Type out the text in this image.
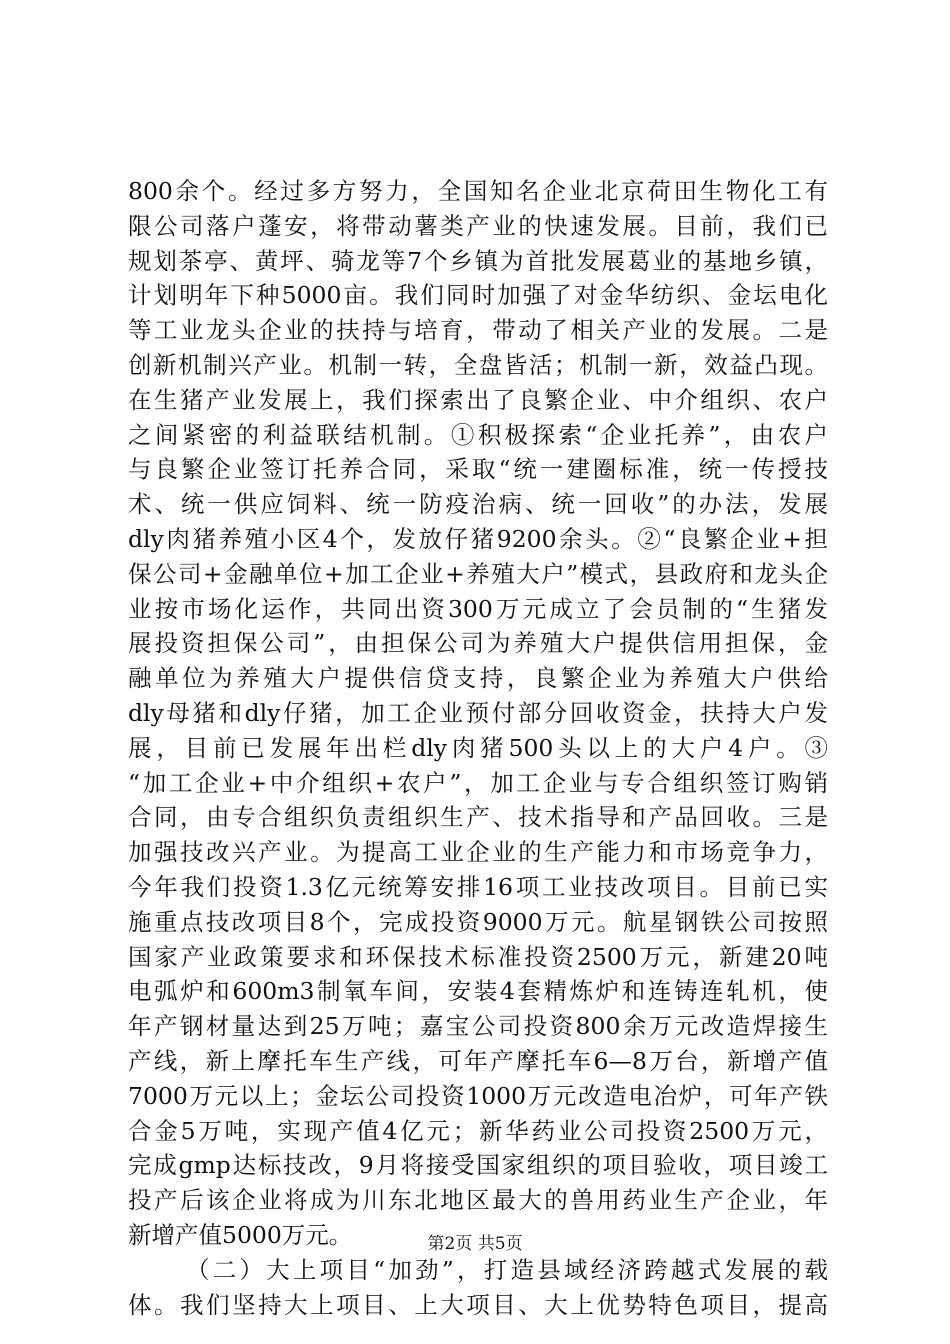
800余个。经过多方努力，全国知名企业北京荷田生物化工有
限公司落户蓬安，将带动薯类产业的快速发展。目前，我们已
规划茶亭、黄坪、骑龙等7个乡镇为首批发展葛业的基地乡镇，
计划明年下种5000亩。我们同时加强了对金华纺织、金坛电化
等工业龙头企业的扶持与培育，带动了相关产业的发展。二是
创新机制兴产业。机制一转，全盘皆活；机制一新，效益凸现。
在生猪产业发展上，我们探索出了良繁企业、中介组织、农户
之间紧密的利益联结机制。①积极探索“企业托养”，由农户
与良繁企业签订托养合同，采取“统一建圈标准，统一传授技
术、统一供应饲料、统一防疫治病、统一回收”的办法，发展
dly肉猪养殖小区4个，发放仔猪9200余头。②“良繁企业+担
保公司+金融单位+加工企业+养殖大户”模式，县政府和龙头企
业按市场化运作，共同出资300万元成立了会员制的“生猪发
展投资担保公司”，由担保公司为养殖大户提供信用担保，金
融单位为养殖大户提供信贷支持，良繁企业为养殖大户供给
dly母猪和dly仔猪，加工企业预付部分回收资金，扶持大户发
展，目前已发展年出栏dly肉猪500头以上的大户4户。③
“加工企业+中介组织+农户”，加工企业与专合组织签订购销
合同，由专合组织负责组织生产、技术指导和产品回收。三是
加强技改兴产业。为提高工业企业的生产能力和市场竞争力，
今年我们投资1.3亿元统筹安排16项工业技改项目。目前已实
施重点技改项目8个，完成投资9000万元。航星钢铁公司按照
国家产业政策要求和环保技术标准投资2500万元，新建20吨
电弧炉和600m3制氧车间，安装4套精炼炉和连铸连轧机，使
年产钢材量达到25万吨；嘉宝公司投资800余万元改造焊接生
产线，新上摩托车生产线，可年产摩托车6—8万台，新增产值
7000万元以上；金坛公司投资1000万元改造电冶炉，可年产铁
合金5万吨，实现产值4亿元；新华药业公司投资2500万元，
完成gmp达标技改，9月将接受国家组织的项目验收，项目竣工
投产后该企业将成为川东北地区最大的兽用药业生产企业，年
新增产值5000万元。
（二）大上项目“加劲”，打造县域经济跨越式发展的载
体。我们坚持大上项目、上大项目、大上优势特色项目，提高
第2页 共5页
